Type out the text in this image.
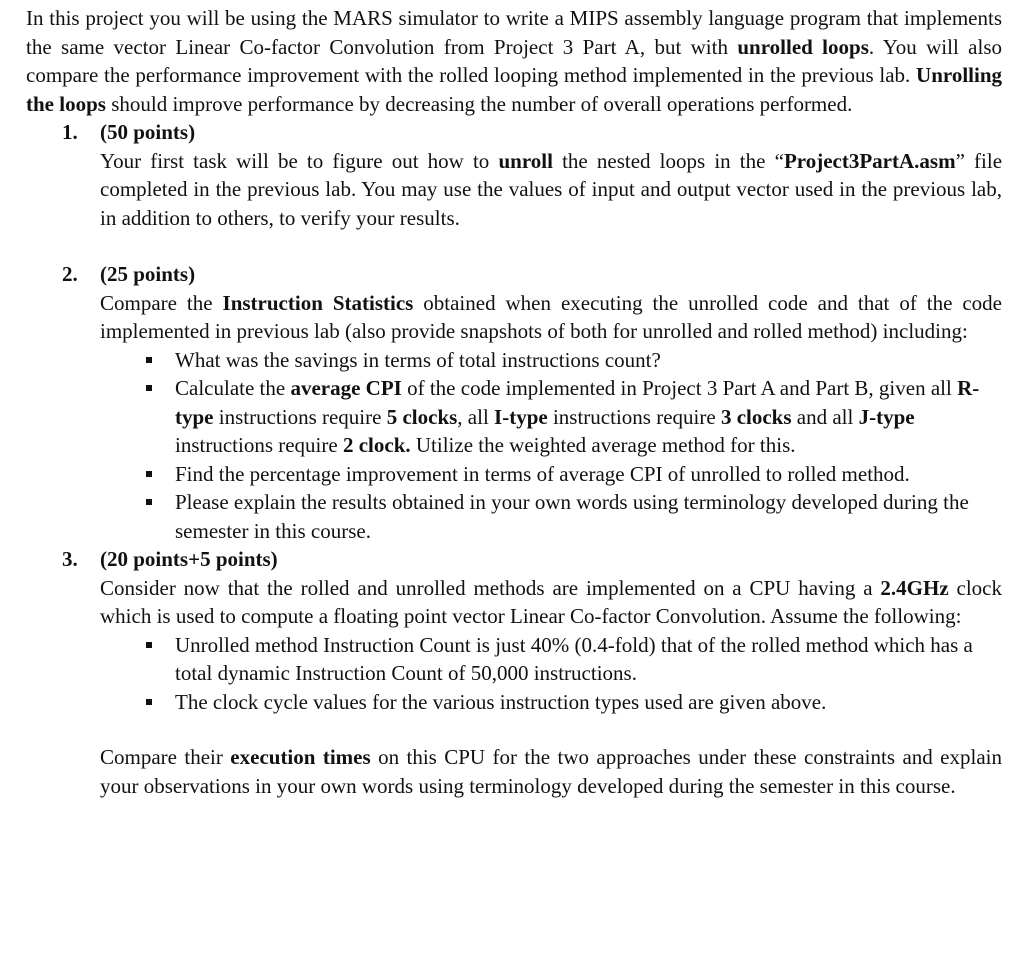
In this project you will be using the MARS simulator to write a MIPS assembly language program that implements the same vector Linear Co-factor Convolution from Project 3 Part A, but with unrolled loops. You will also compare the performance improvement with the rolled looping method implemented in the previous lab. Unrolling the loops should improve performance by decreasing the number of overall operations performed.

1. (50 points)

Your first task will be to figure out how to unroll the nested loops in the “Project3PartA.asm” file completed in the previous lab. You may use the values of input and output vector used in the previous lab, in addition to others, to verify your results.

2. (25 points)

Compare the Instruction Statistics obtained when executing the unrolled code and that of the code implemented in previous lab (also provide snapshots of both for unrolled and rolled method) including:

What was the savings in terms of total instructions count?
Calculate the average CPI of the code implemented in Project 3 Part A and Part B, given all R-type instructions require 5 clocks, all I-type instructions require 3 clocks and all J-type instructions require 2 clock. Utilize the weighted average method for this.
Find the percentage improvement in terms of average CPI of unrolled to rolled method.
Please explain the results obtained in your own words using terminology developed during the semester in this course.
3. (20 points+5 points)

Consider now that the rolled and unrolled methods are implemented on a CPU having a 2.4GHz clock which is used to compute a floating point vector Linear Co-factor Convolution. Assume the following:

Unrolled method Instruction Count is just 40% (0.4-fold) that of the rolled method which has a total dynamic Instruction Count of 50,000 instructions.
The clock cycle values for the various instruction types used are given above.

Compare their execution times on this CPU for the two approaches under these constraints and explain your observations in your own words using terminology developed during the semester in this course.
